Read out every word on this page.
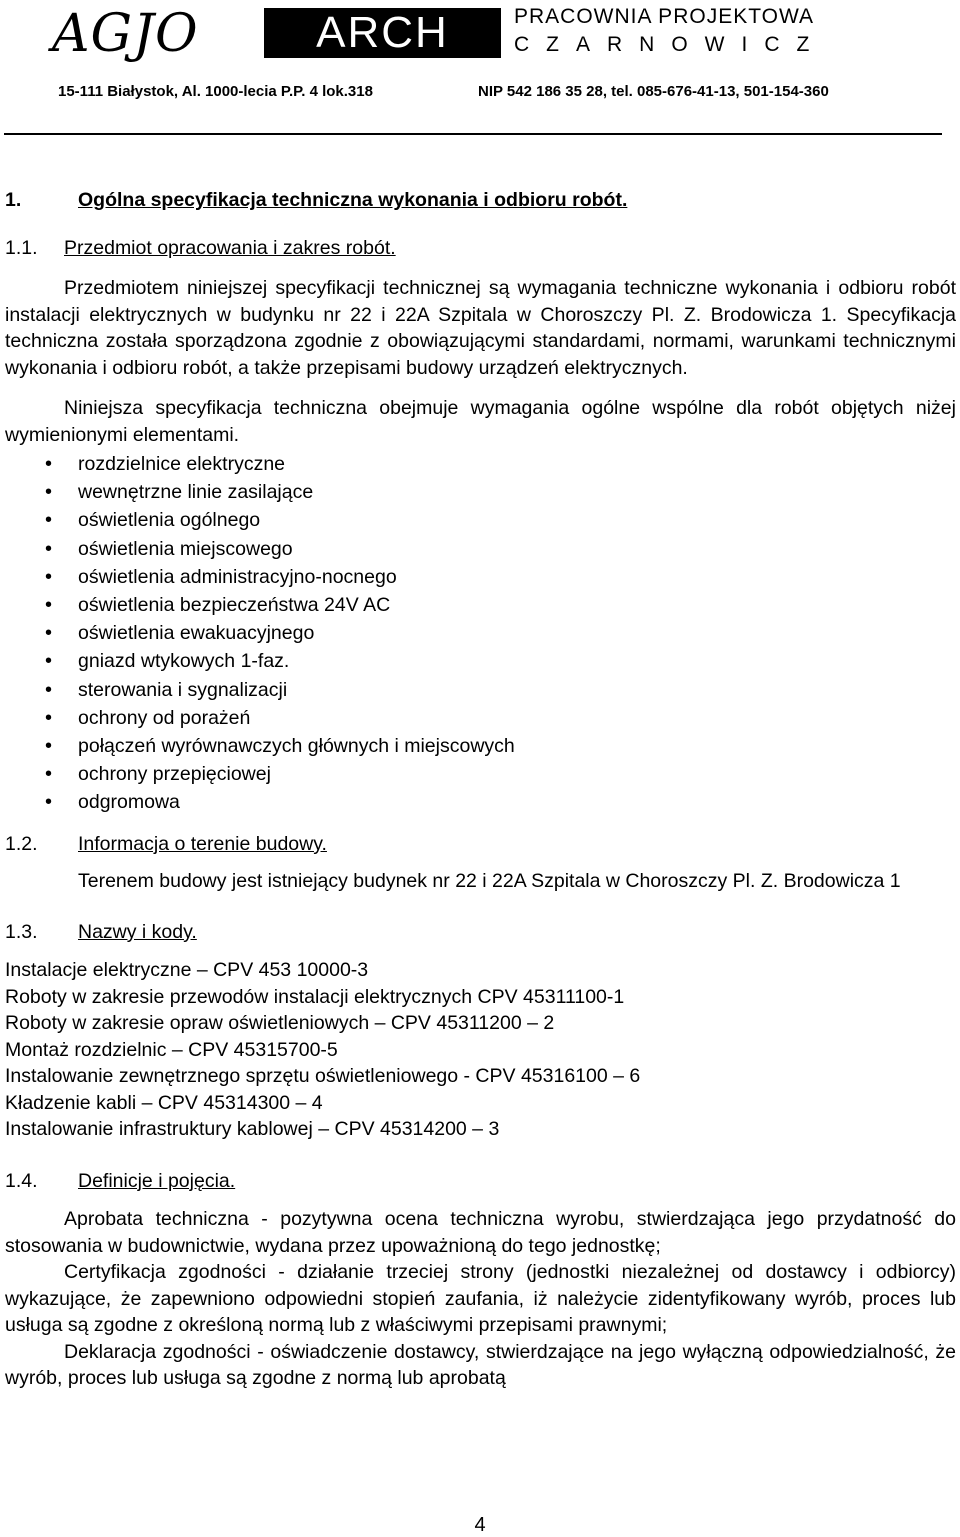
AGJO	ARCH	PRACOWNIA PROJEKTOWA
CZARNOWICZ
15-111 Białystok, Al. 1000-lecia P.P. 4 lok.318	NIP 542 186 35 28, tel. 085-676-41-13, 501-154-360
1.	Ogólna specyfikacja techniczna wykonania i odbioru robót.
1.1.	Przedmiot opracowania i zakres robót.

Przedmiotem niniejszej specyfikacji technicznej są wymagania techniczne wykonania i odbioru robót instalacji elektrycznych w budynku nr 22 i 22A Szpitala w Choroszczy Pl. Z. Brodowicza 1. Specyfikacja techniczna została sporządzona zgodnie z obowiązującymi standardami, normami, warunkami technicznymi wykonania i odbioru robót, a także przepisami budowy urządzeń elektrycznych.

Niniejsza specyfikacja techniczna obejmuje wymagania ogólne wspólne dla robót objętych niżej wymienionymi elementami.

• rozdzielnice elektryczne
• wewnętrzne linie zasilające
• oświetlenia ogólnego
• oświetlenia miejscowego
• oświetlenia administracyjno-nocnego
• oświetlenia bezpieczeństwa 24V AC
• oświetlenia ewakuacyjnego
• gniazd wtykowych 1-faz.
• sterowania i sygnalizacji
• ochrony od porażeń
• połączeń wyrównawczych głównych i miejscowych
• ochrony przepięciowej
• odgromowa
1.2.	Informacja o terenie budowy.

Terenem budowy jest istniejący budynek nr 22 i 22A Szpitala w Choroszczy Pl. Z. Brodowicza 1

1.3.	Nazwy i kody.
Instalacje elektryczne – CPV 453 10000-3
Roboty w zakresie przewodów instalacji elektrycznych CPV 45311100-1
Roboty w zakresie opraw oświetleniowych – CPV 45311200 – 2
Montaż rozdzielnic – CPV 45315700-5
Instalowanie zewnętrznego sprzętu oświetleniowego - CPV 45316100 – 6
Kładzenie kabli – CPV 45314300 – 4
Instalowanie infrastruktury kablowej – CPV 45314200 – 3
1.4.	Definicje i pojęcia.

Aprobata techniczna - pozytywna ocena techniczna wyrobu, stwierdzająca jego przydatność do stosowania w budownictwie, wydana przez upoważnioną do tego jednostkę;

Certyfikacja zgodności - działanie trzeciej strony (jednostki niezależnej od dostawcy i odbiorcy) wykazujące, że zapewniono odpowiedni stopień zaufania, iż należycie zidentyfikowany wyrób, proces lub usługa są zgodne z określoną normą lub z właściwymi przepisami prawnymi;

Deklaracja zgodności - oświadczenie dostawcy, stwierdzające na jego wyłączną odpowiedzialność, że wyrób, proces lub usługa są zgodne z normą lub aprobatą

4
